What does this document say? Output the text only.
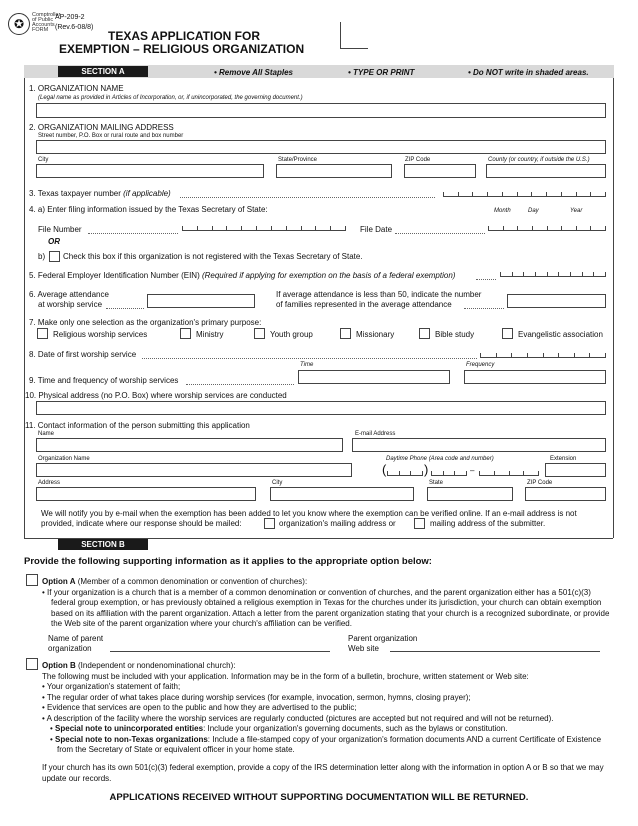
✪
Comptroller
of Public
Accounts
FORM
AP-209-2
(Rev.6-08/8)
TEXAS APPLICATION FOR
EXEMPTION – RELIGIOUS ORGANIZATION
SECTION A	• Remove All Staples	• TYPE OR PRINT	• Do NOT write in shaded areas.
1. ORGANIZATION NAME
(Legal name as provided in Articles of Incorporation, or, if unincorporated, the governing document.)
2. ORGANIZATION MAILING ADDRESS
Street number, P.O. Box or rural route and box number
City	State/Province	ZIP Code	County (or country, if outside the U.S.)
3. Texas taxpayer number (if applicable)
4. a) Enter filing information issued by the Texas Secretary of State:	Month	Day	Year
File Number	File Date
OR
b) Check this box if this organization is not registered with the Texas Secretary of State.
5. Federal Employer Identification Number (EIN) (Required if applying for exemption on the basis of a federal exemption)
6. Average attendance
at worship service
If average attendance is less than 50, indicate the number
of families represented in the average attendance
7. Make only one selection as the organization's primary purpose:
Religious worship services	Ministry	Youth group	Missionary	Bible study	Evangelistic association
8. Date of first worship service
Time	Frequency
9. Time and frequency of worship services
10. Physical address (no P.O. Box) where worship services are conducted
11. Contact information of the person submitting this application
Name	E-mail Address
Organization Name	Daytime Phone (Area code and number)	Extension
(	)	–
Address	City	State	ZIP Code
We will notify you by e-mail when the exemption has been added to let you know where the exemption can be verified online. If an e-mail address is not
provided, indicate where our response should be mailed:	organization's mailing address or	mailing address of the submitter.
SECTION B
Provide the following supporting information as it applies to the appropriate option below:
Option A (Member of a common denomination or convention of churches):
• If your organization is a church that is a member of a common denomination or convention of churches, and the parent organization either has a 501(c)(3) federal group exemption, or has previously obtained a religious exemption in Texas for the churches under its jurisdiction, your church can obtain exemption based on its affiliation with the parent organization. Attach a letter from the parent organization stating that your church is a recognized subordinate, or provide the Web site of the parent organization where your church's affiliation can be verified.
Name of parent
organization
Parent organization
Web site
Option B (Independent or nondenominational church):
The following must be included with your application. Information may be in the form of a bulletin, brochure, written statement or Web site:
• Your organization's statement of faith;
• The regular order of what takes place during worship services (for example, invocation, sermon, hymns, closing prayer);
• Evidence that services are open to the public and how they are advertised to the public;
• A description of the facility where the worship services are regularly conducted (pictures are accepted but not required and will not be returned).
• Special note to unincorporated entities: Include your organization's governing documents, such as the bylaws or constitution.
• Special note to non-Texas organizations: Include a file-stamped copy of your organization's formation documents AND a current Certificate of Existence from the Secretary of State or equivalent officer in your home state.
If your church has its own 501(c)(3) federal exemption, provide a copy of the IRS determination letter along with the information in option A or B so that we may update our records.
APPLICATIONS RECEIVED WITHOUT SUPPORTING DOCUMENTATION WILL BE RETURNED.
